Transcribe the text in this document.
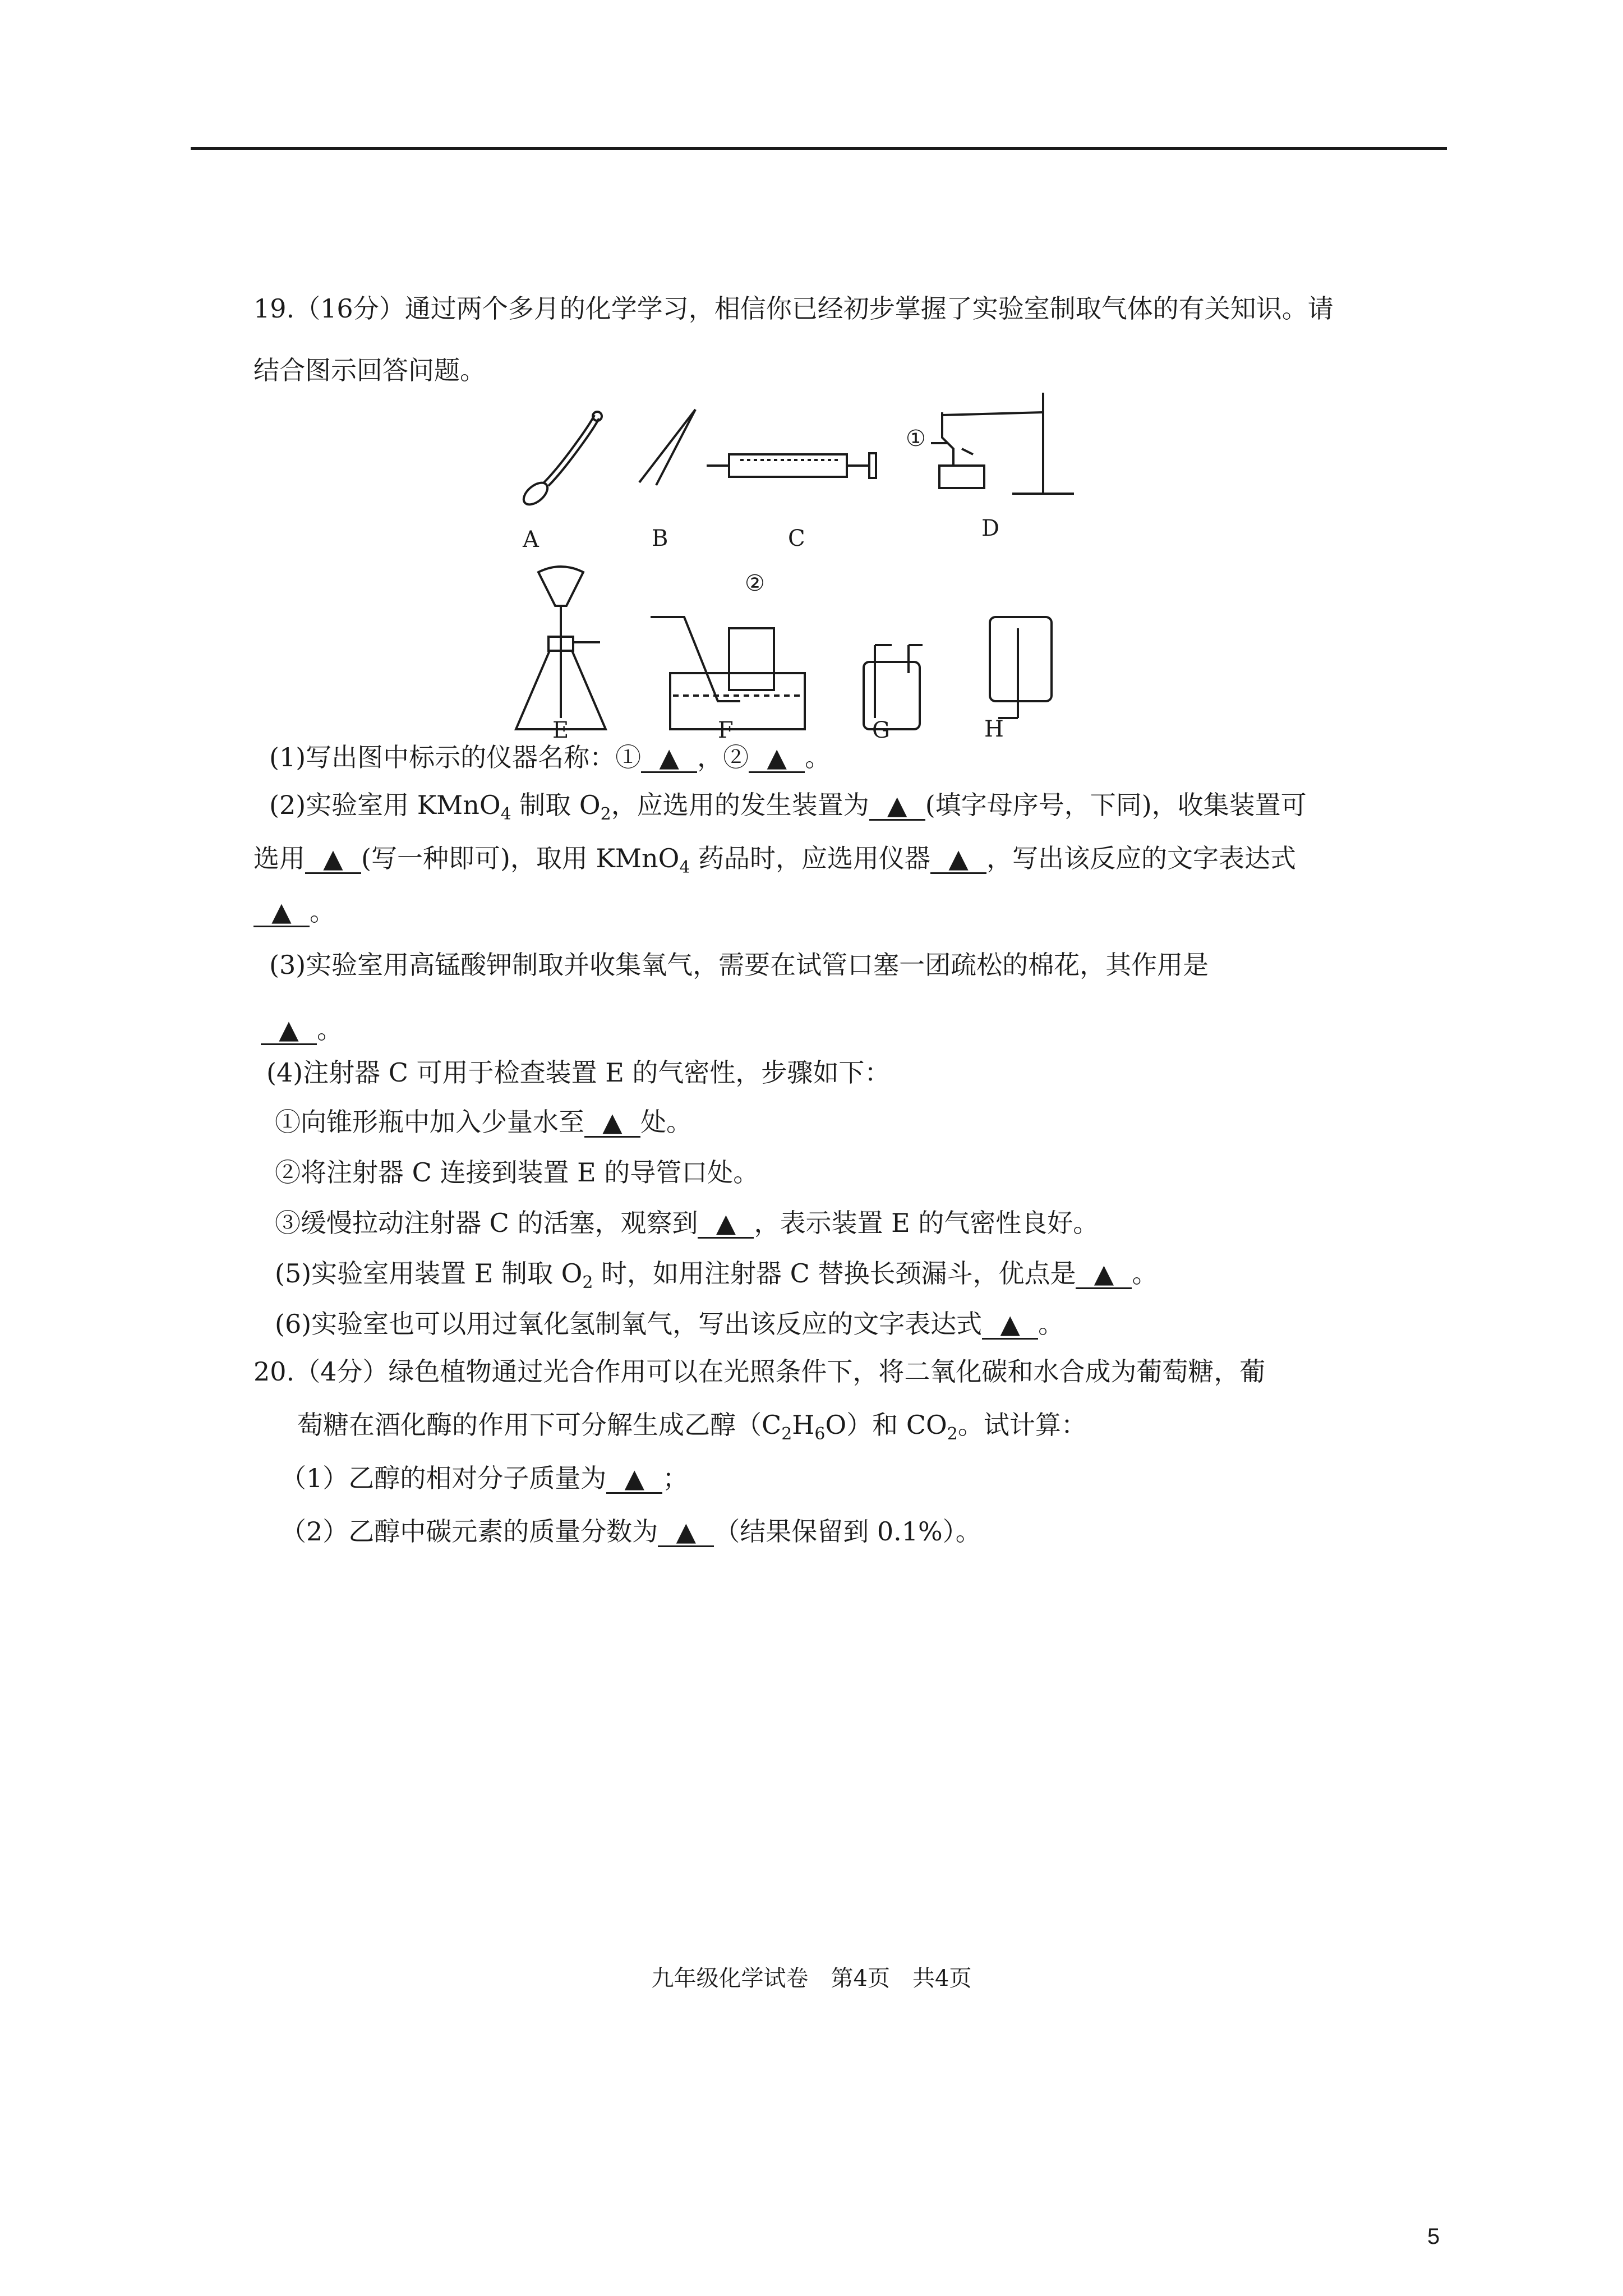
19.（16分）通过两个多月的化学学习，相信你已经初步掌握了实验室制取气体的有关知识。请
结合图示回答问题。
A	B	C	D
①
E	F
②
G	H
(1)写出图中标示的仪器名称：① ▲ ，② ▲ 。
(2)实验室用 KMnO$_4$ 制取 $O_2$，应选用的发生装置为 ▲ (填字母序号，下同)，收集装置可
选用 ▲ (写一种即可)，取用 KMnO$_4$ 药品时，应选用仪器 ▲ ，写出该反应的文字表达式
▲ 。
(3)实验室用高锰酸钾制取并收集氧气，需要在试管口塞一团疏松的棉花，其作用是
▲ 。
(4)注射器 C 可用于检查装置 E 的气密性，步骤如下：
①向锥形瓶中加入少量水至 ▲ 处。
②将注射器 C 连接到装置 E 的导管口处。
③缓慢拉动注射器 C 的活塞，观察到 ▲ ，表示装置 E 的气密性良好。
(5)实验室用装置 E 制取 $O_2$ 时，如用注射器 C 替换长颈漏斗，优点是 ▲ 。
(6)实验室也可以用过氧化氢制氧气，写出该反应的文字表达式 ▲ 。
20.（4分）绿色植物通过光合作用可以在光照条件下，将二氧化碳和水合成为葡萄糖，葡
萄糖在酒化酶的作用下可分解生成乙醇$(C_2H_6O)$和 $CO_2$。试计算：
（1）乙醇的相对分子质量为 ▲ ；
（2）乙醇中碳元素的质量分数为 ▲ （结果保留到 0.1%）。
九年级化学试卷　第4页　共4页
5
